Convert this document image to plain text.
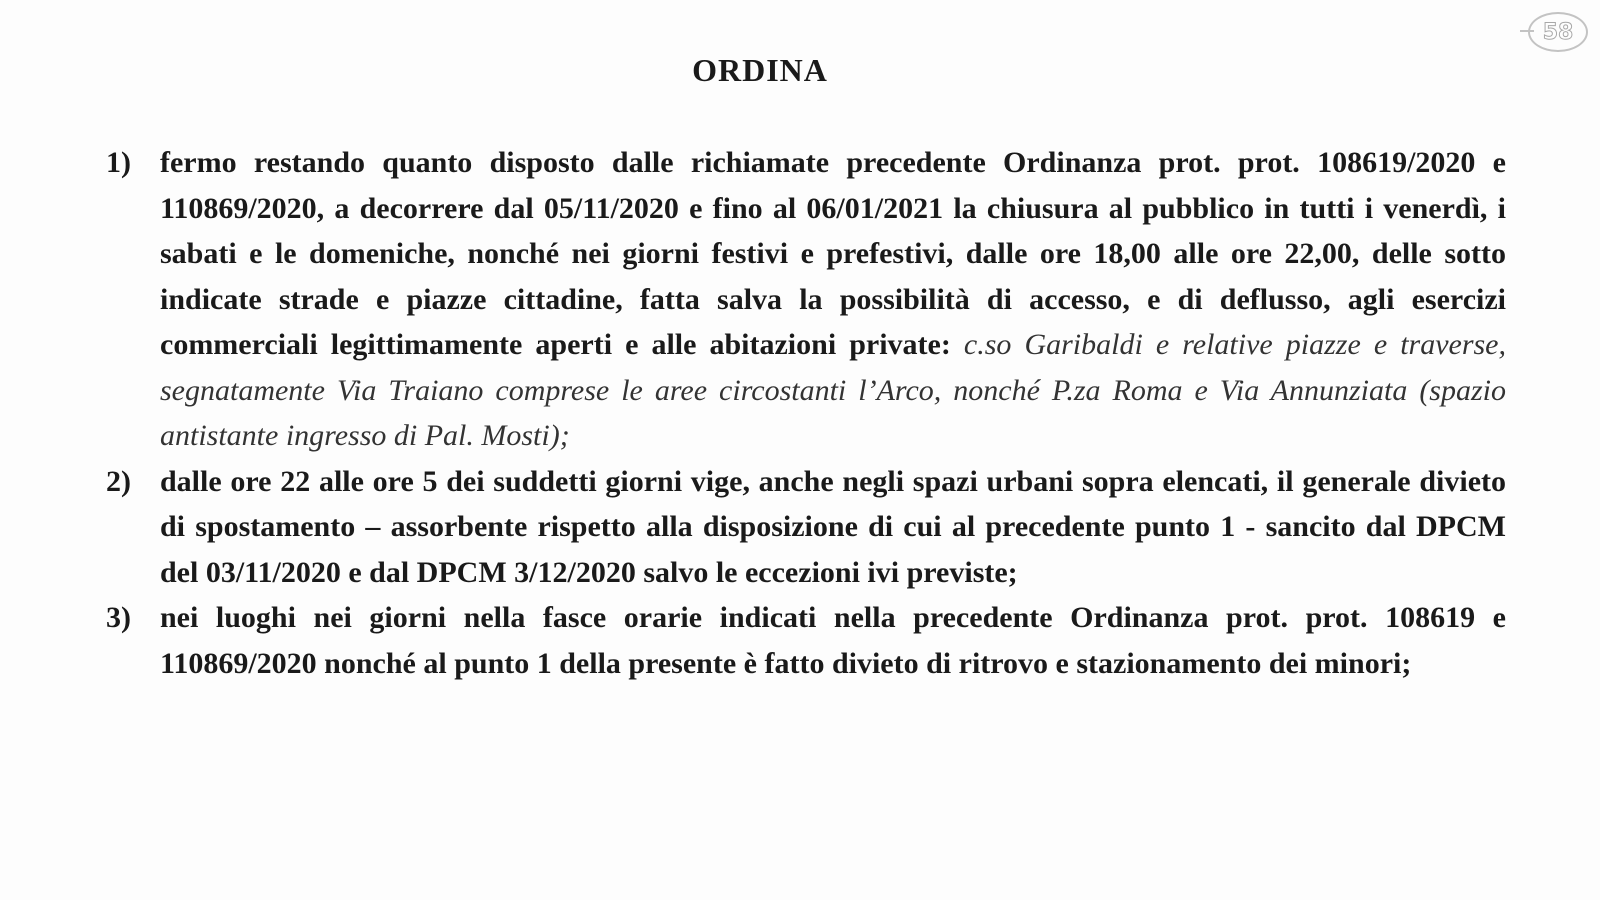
58
ORDINA
1) fermo restando quanto disposto dalle richiamate precedente Ordinanza prot. prot. 108619/2020 e 110869/2020, a decorrere dal 05/11/2020 e fino al 06/01/2021 la chiusura al pubblico in tutti i venerdì, i sabati e le domeniche, nonché nei giorni festivi e prefestivi, dalle ore 18,00 alle ore 22,00, delle sotto indicate strade e piazze cittadine, fatta salva la possibilità di accesso, e di deflusso, agli esercizi commerciali legittimamente aperti e alle abitazioni private: c.so Garibaldi e relative piazze e traverse, segnatamente Via Traiano comprese le aree circostanti l’Arco, nonché P.za Roma e Via Annunziata (spazio antistante ingresso di Pal. Mosti);
2) dalle ore 22 alle ore 5 dei suddetti giorni vige, anche negli spazi urbani sopra elencati, il generale divieto di spostamento – assorbente rispetto alla disposizione di cui al precedente punto 1 - sancito dal DPCM del 03/11/2020 e dal DPCM 3/12/2020 salvo le eccezioni ivi previste;
3) nei luoghi nei giorni nella fasce orarie indicati nella precedente Ordinanza prot. prot. 108619 e 110869/2020 nonché al punto 1 della presente è fatto divieto di ritrovo e stazionamento dei minori;
